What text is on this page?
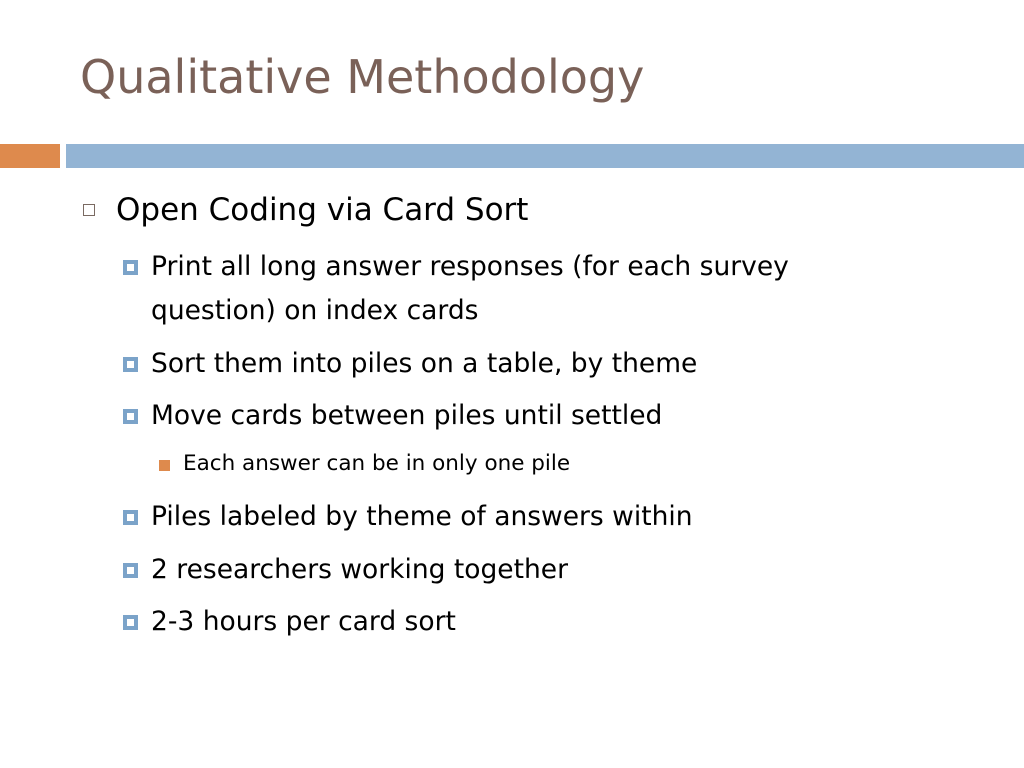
Qualitative Methodology
Open Coding via Card Sort
Print all long answer responses (for each survey question) on index cards
Sort them into piles on a table, by theme
Move cards between piles until settled
Each answer can be in only one pile
Piles labeled by theme of answers within
2 researchers working together
2-3 hours per card sort
